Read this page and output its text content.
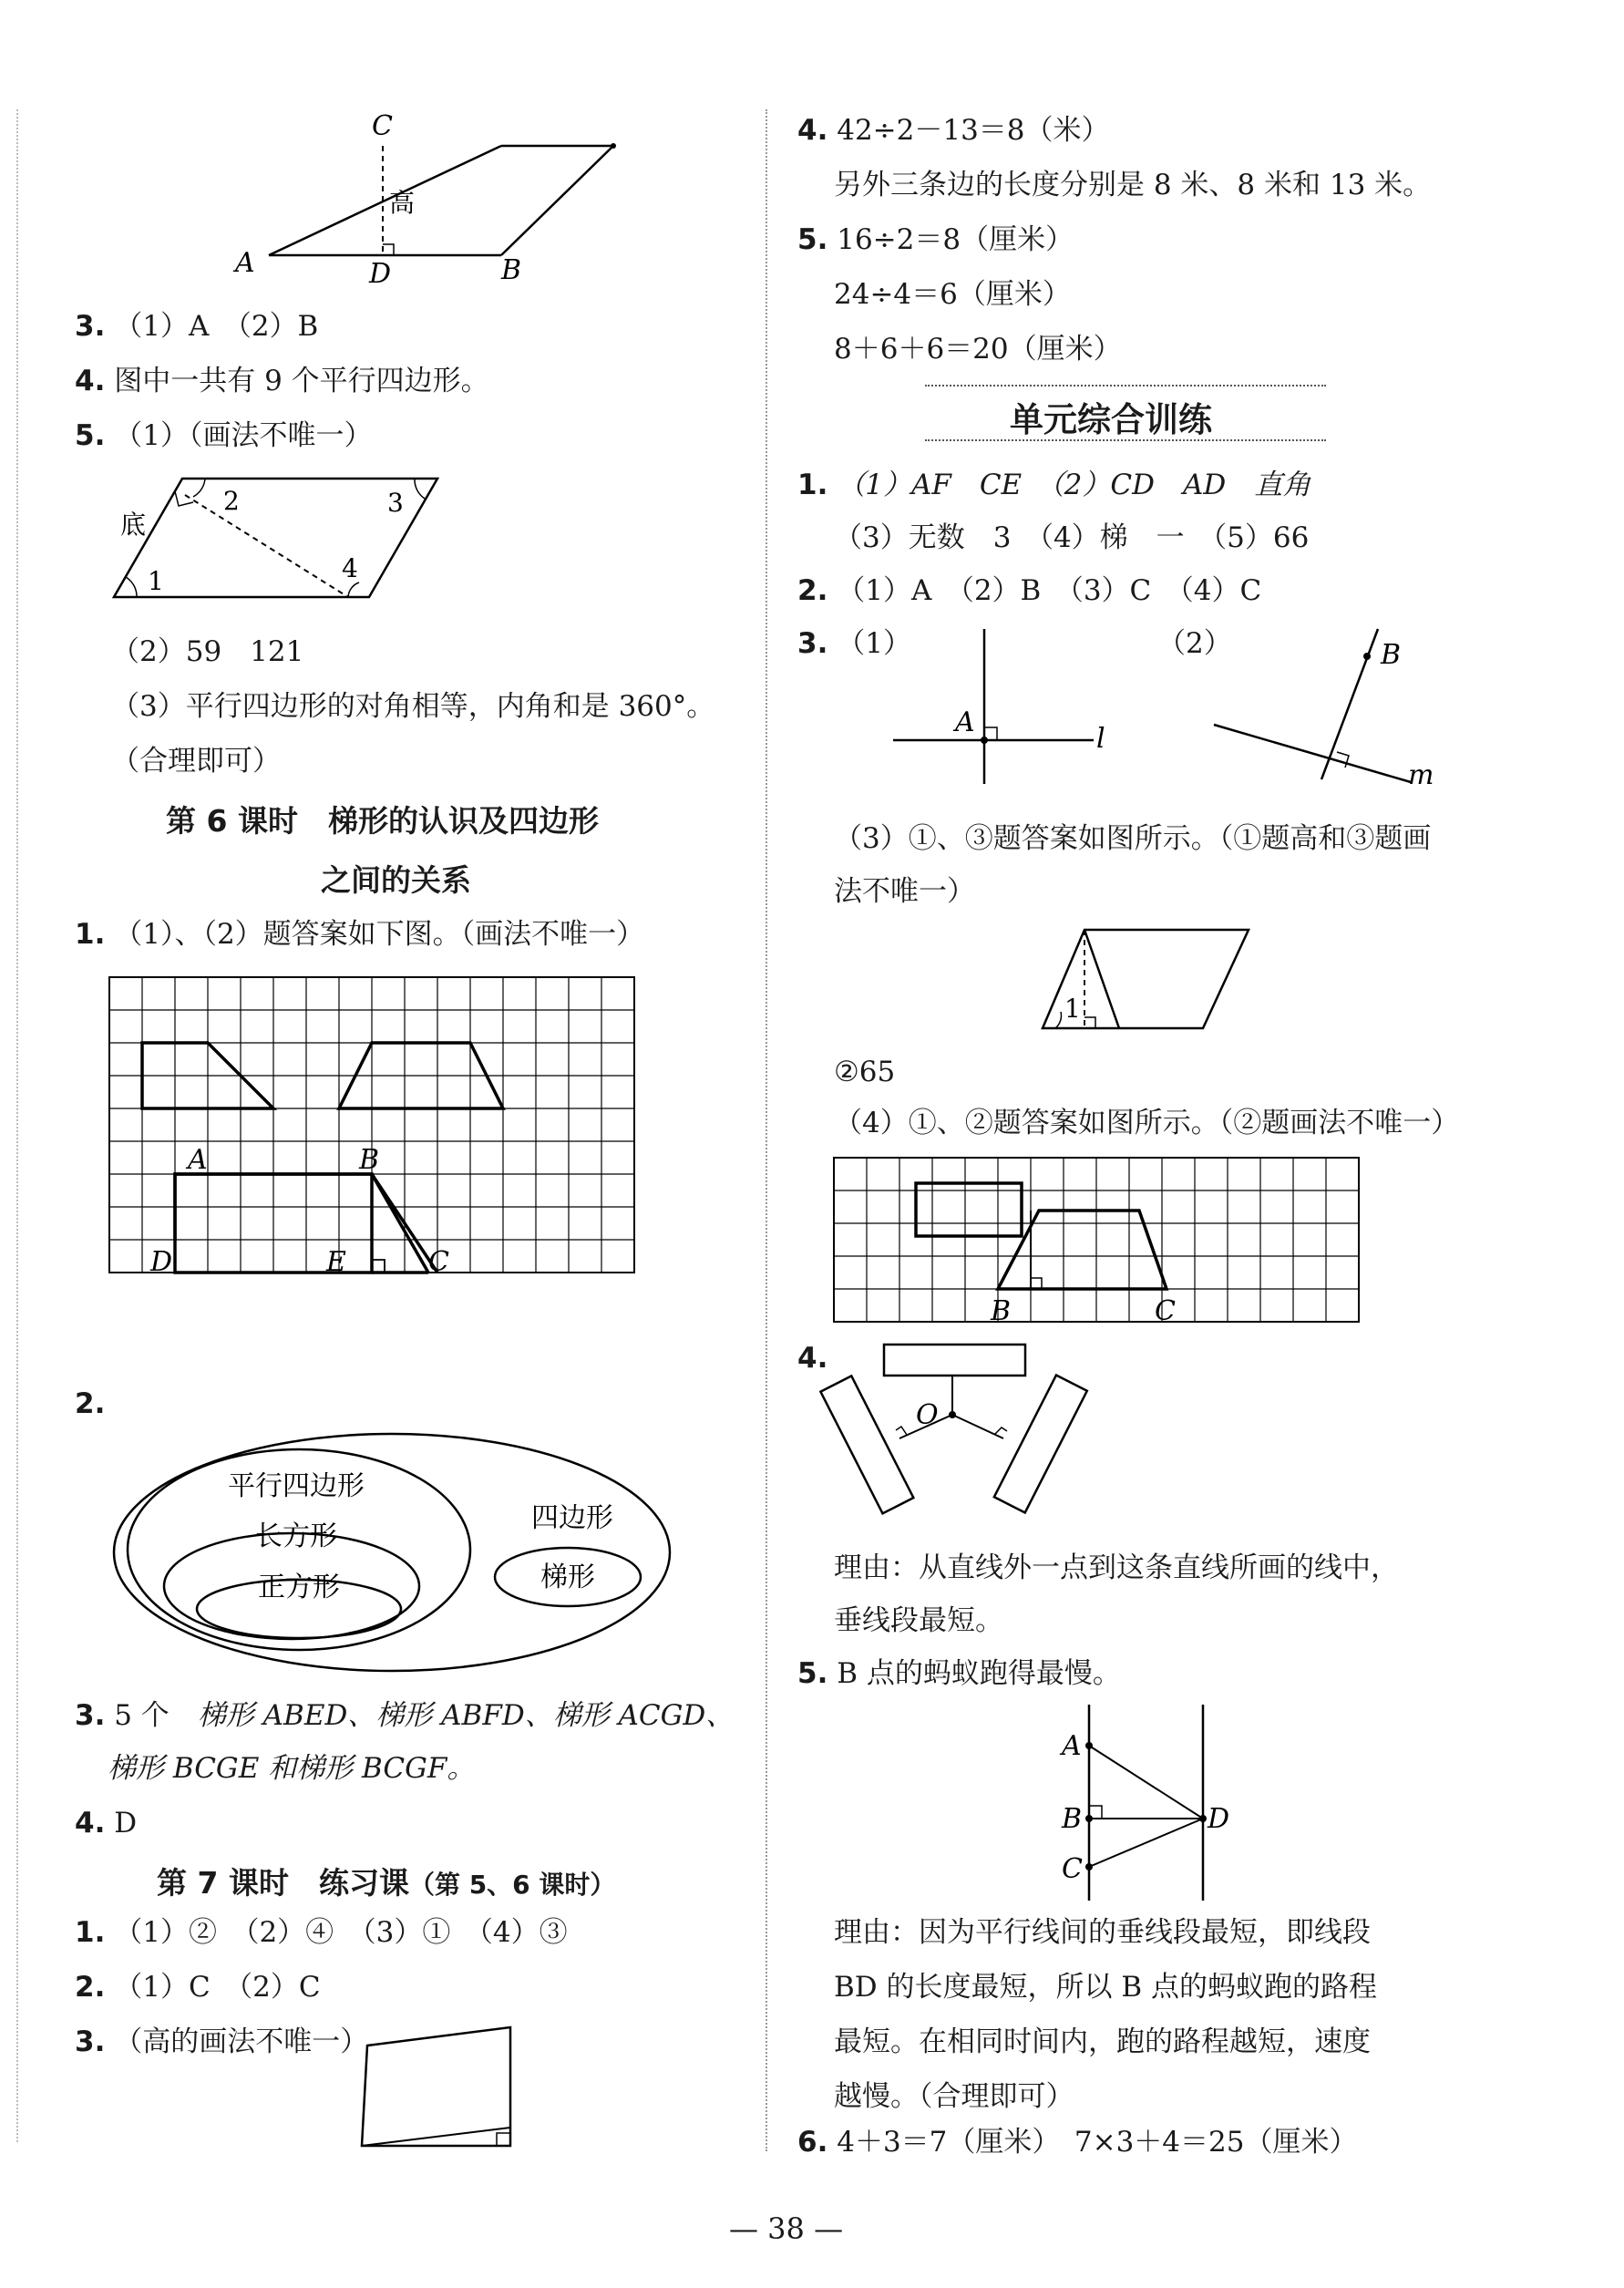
C
高
A	D	B
3. （1）A　（2）B
4. 图中一共有 9 个平行四边形。
5. （1）（画法不唯一）
底
1
2	3
4
（2）59　121
（3）平行四边形的对角相等，内角和是 360°。
（合理即可）
第 6 课时　梯形的认识及四边形
之间的关系
1. （1）、（2）题答案如下图。（画法不唯一）
A	B
D	E	C
2.
平行四边形
长方形
正方形
四边形
梯形
3. 5 个　梯形 ABED、梯形 ABFD、梯形 ACGD、
梯形 BCGE 和梯形 BCGF。
4. D
第 7 课时　练习课（第 5、6 课时）
1. （1）②　（2）④　（3）①　（4）③
2. （1）C　（2）C
3. （高的画法不唯一）
4. 42÷2－13＝8（米）
另外三条边的长度分别是 8 米、8 米和 13 米。
5. 16÷2＝8（厘米）
24÷4＝6（厘米）
8＋6＋6＝20（厘米）
单元综合训练
1. （1）AF　CE　（2）CD　AD　直角
（3）无数　3　（4）梯　一　（5）66
2. （1）A　（2）B　（3）C　（4）C
3. （1）	（2）
A
l
B
m
（3）①、③题答案如图所示。（①题高和③题画
法不唯一）
1
②65
（4）①、②题答案如图所示。（②题画法不唯一）
B	C
4.
O
理由：从直线外一点到这条直线所画的线中，
垂线段最短。
5. B 点的蚂蚁跑得最慢。
A
B
C
D
理由：因为平行线间的垂线段最短，即线段
BD 的长度最短，所以 B 点的蚂蚁跑的路程
最短。在相同时间内，跑的路程越短，速度
越慢。（合理即可）
6. 4＋3＝7（厘米）　7×3＋4＝25（厘米）
— 38 —
